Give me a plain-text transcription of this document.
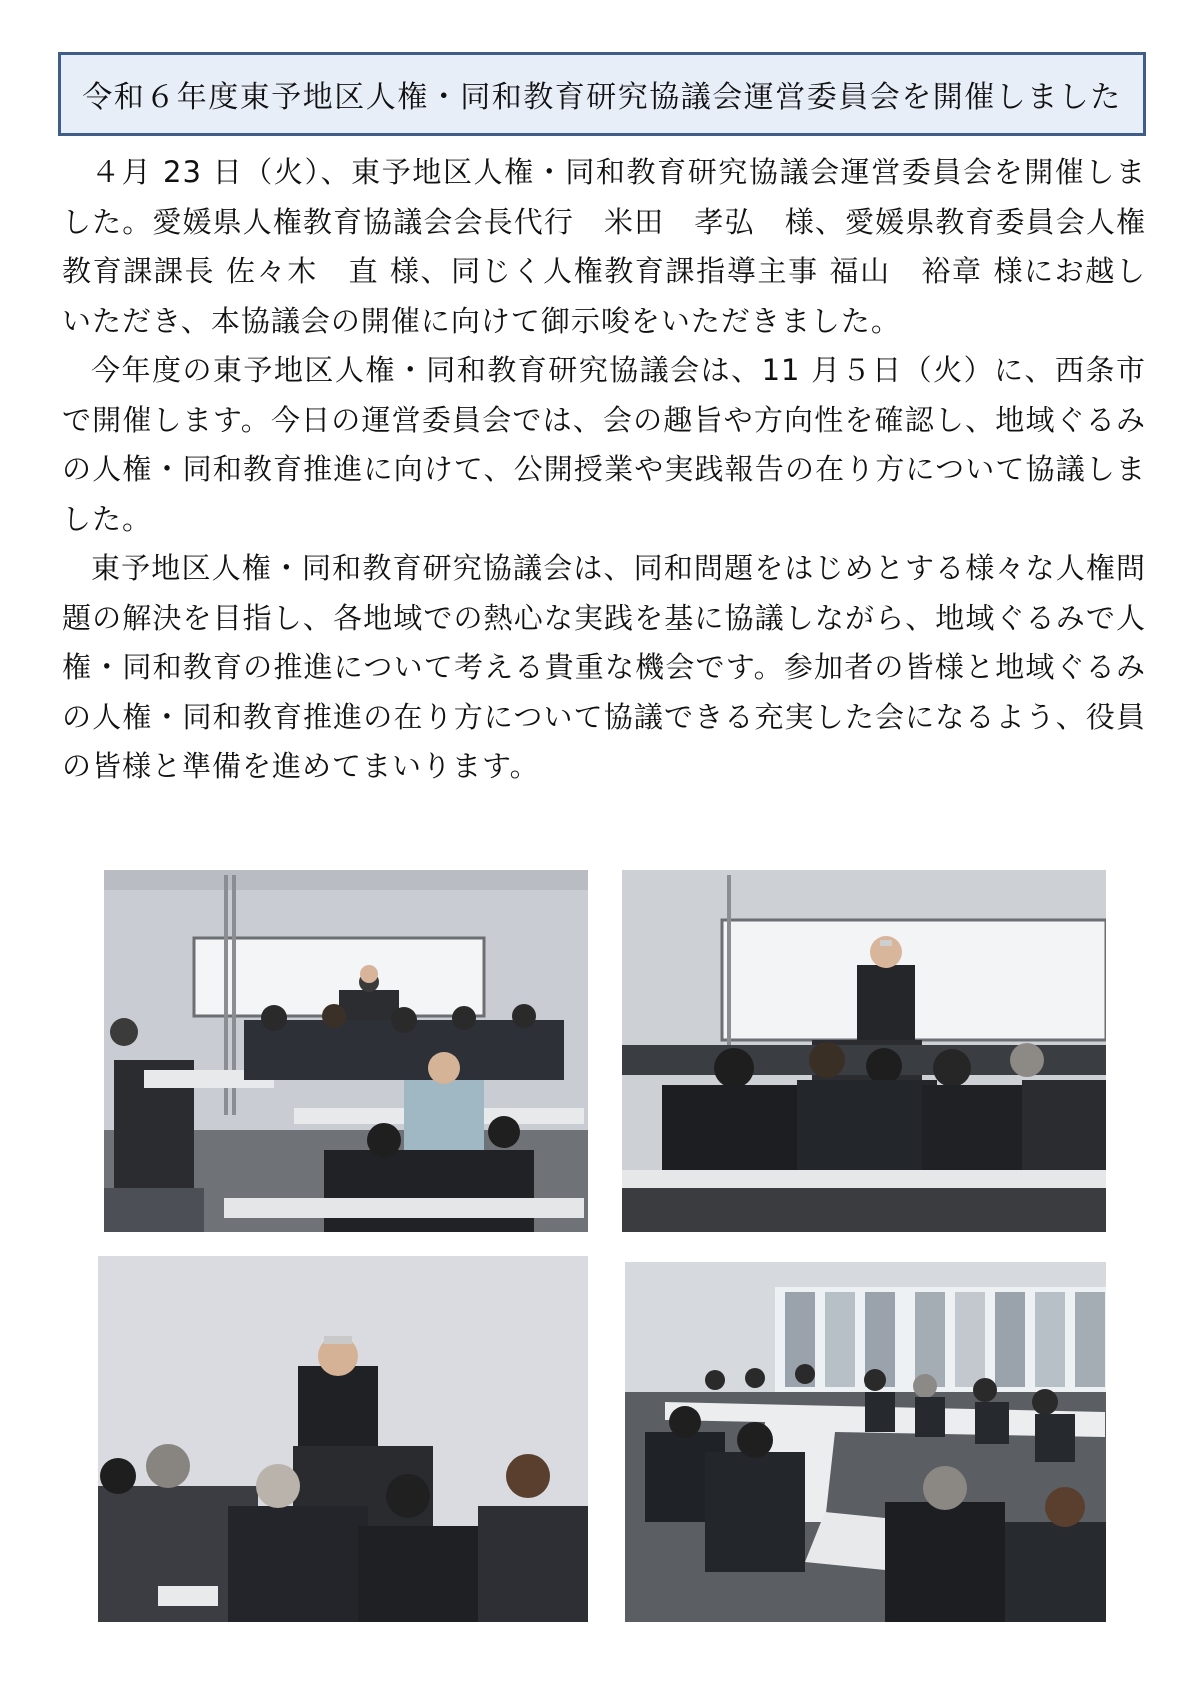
令和６年度東予地区人権・同和教育研究協議会運営委員会を開催しました

４月 23 日（火）、東予地区人権・同和教育研究協議会運営委員会を開催しました。愛媛県人権教育協議会会長代行　米田　孝弘　様、愛媛県教育委員会人権教育課課長 佐々木　直 様、同じく人権教育課指導主事 福山　裕章 様にお越しいただき、本協議会の開催に向けて御示唆をいただきました。

今年度の東予地区人権・同和教育研究協議会は、11 月５日（火）に、西条市で開催します。今日の運営委員会では、会の趣旨や方向性を確認し、地域ぐるみの人権・同和教育推進に向けて、公開授業や実践報告の在り方について協議しました。

東予地区人権・同和教育研究協議会は、同和問題をはじめとする様々な人権問題の解決を目指し、各地域での熱心な実践を基に協議しながら、地域ぐるみで人権・同和教育の推進について考える貴重な機会です。参加者の皆様と地域ぐるみの人権・同和教育推進の在り方について協議できる充実した会になるよう、役員の皆様と準備を進めてまいります。
